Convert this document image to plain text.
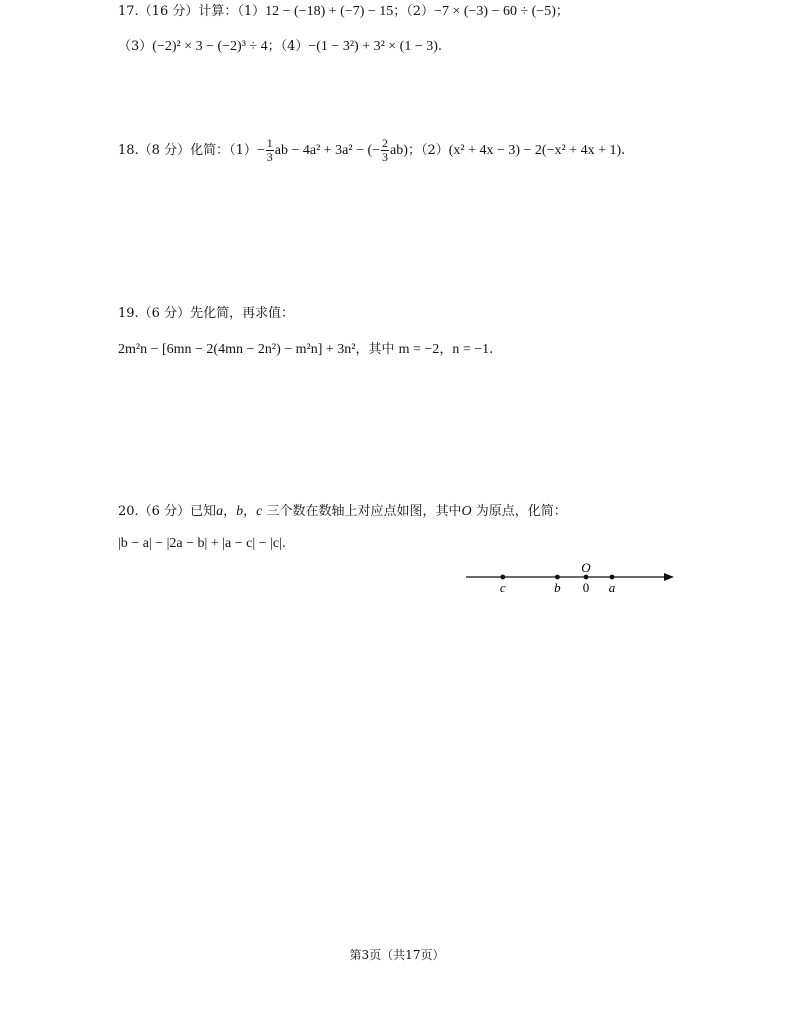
17.（16 分）计算：（1）12 − (−18) + (−7) − 15；（2）−7 × (−3) − 60 ÷ (−5)；
（3）(−2)² × 3 − (−2)³ ÷ 4；（4）−(1 − 3²) + 3² × (1 − 3).
18.（8 分）化简：$(1)- \frac{1}{3}$ ab − 4a² + 3a² − (− $\frac{2}{3} ab$)；（2）(x² + 4x − 3) − 2(−x² + 4x + 1).
19.（6 分）先化简，再求值：
2m²n − [6mn − 2(4mn − 2n²) − m²n] + 3n²，其中 m = −2，n = −1.
20.（6 分）已知a，b，c 三个数在数轴上对应点如图，其中O 为原点，化简：
|b − a| − |2a − b| + |a − c| − |c|.
c	b 0
O
a
第3页（共17页）
